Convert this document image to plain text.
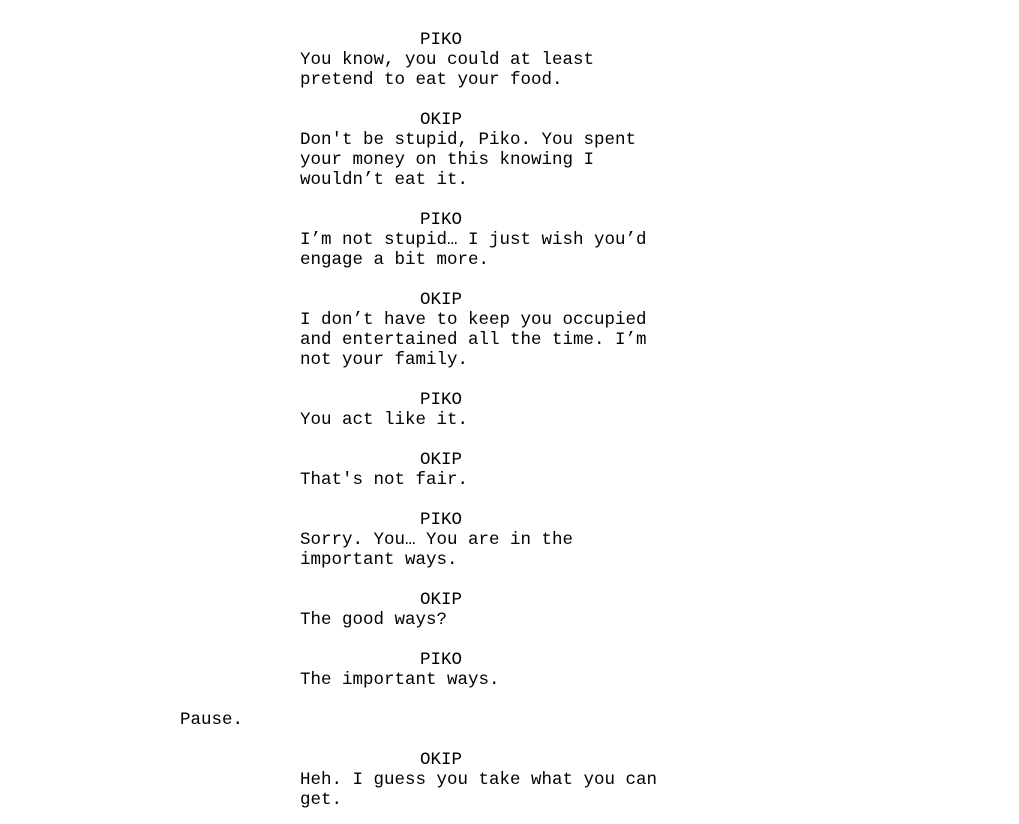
PIKO
You know, you could at least
pretend to eat your food.
OKIP
Don't be stupid, Piko. You spent
your money on this knowing I
wouldn’t eat it.
PIKO
I’m not stupid… I just wish you’d
engage a bit more.
OKIP
I don’t have to keep you occupied
and entertained all the time. I’m
not your family.
PIKO
You act like it.
OKIP
That's not fair.
PIKO
Sorry. You… You are in the
important ways.
OKIP
The good ways?
PIKO
The important ways.
Pause.
OKIP
Heh. I guess you take what you can
get.
